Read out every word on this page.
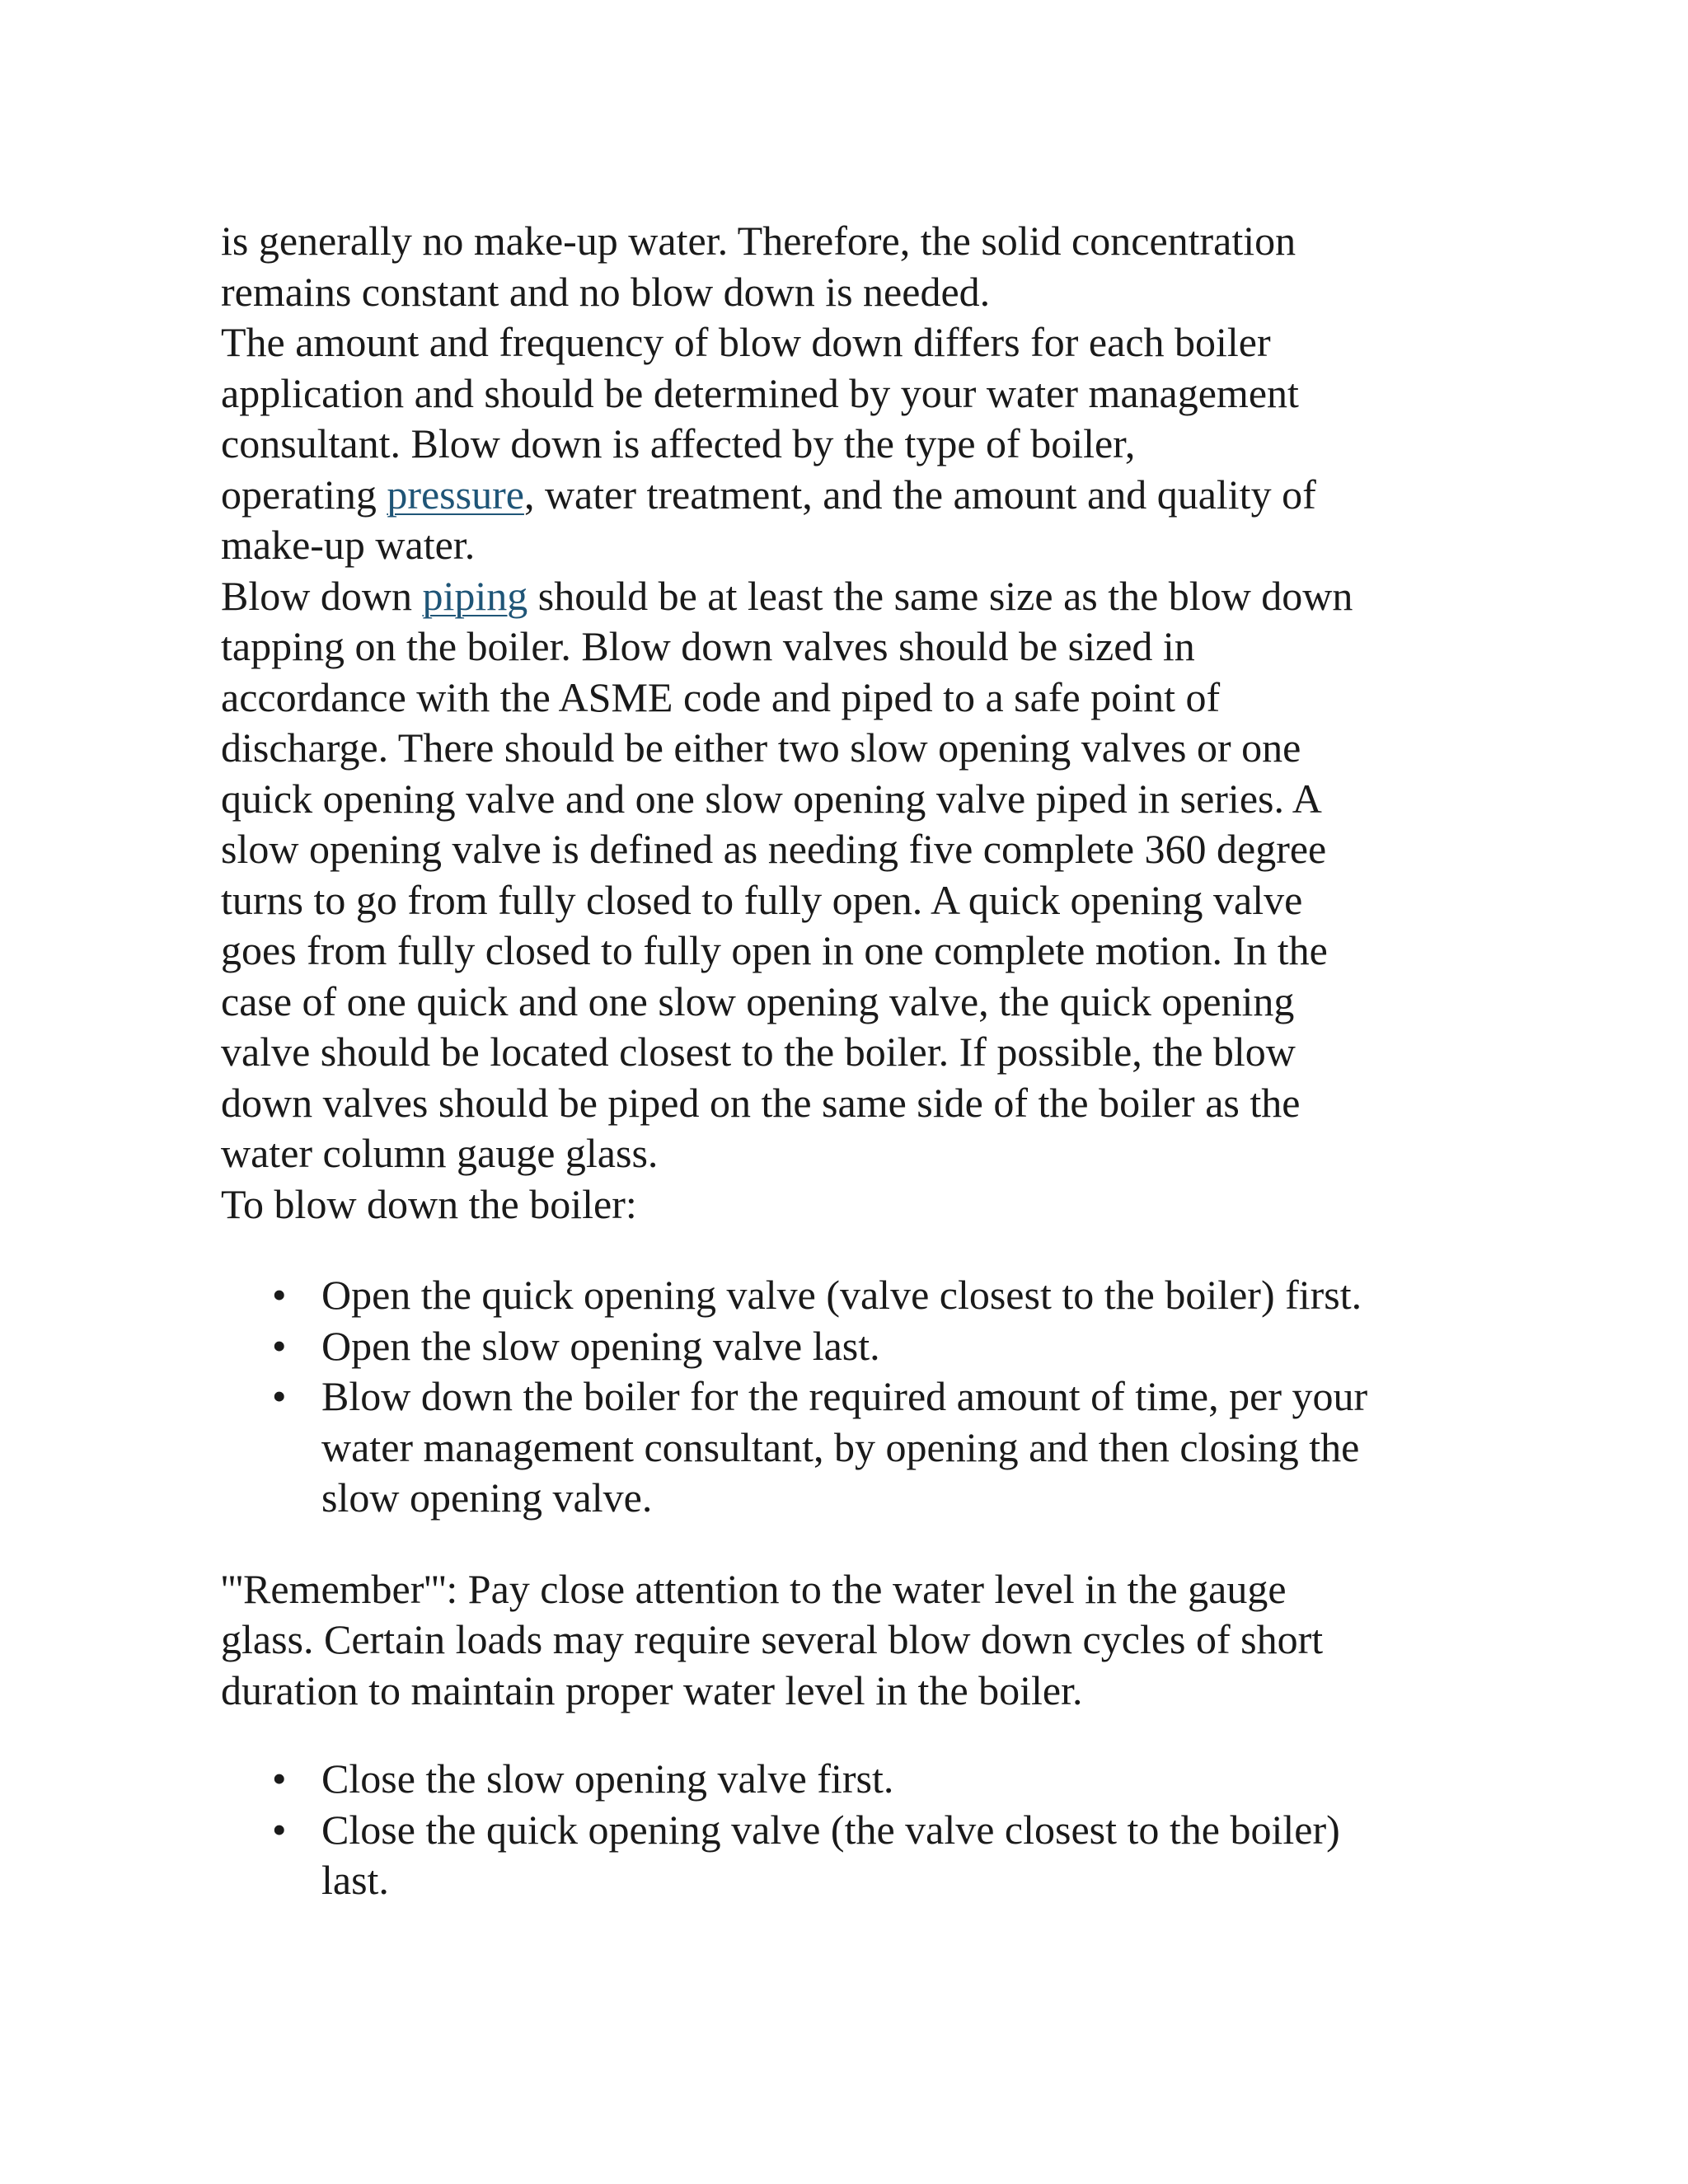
is generally no make-up water. Therefore, the solid concentration
remains constant and no blow down is needed.
The amount and frequency of blow down differs for each boiler
application and should be determined by your water management
consultant. Blow down is affected by the type of boiler,
operating pressure, water treatment, and the amount and quality of
make-up water.
Blow down piping should be at least the same size as the blow down
tapping on the boiler. Blow down valves should be sized in
accordance with the ASME code and piped to a safe point of
discharge. There should be either two slow opening valves or one
quick opening valve and one slow opening valve piped in series. A
slow opening valve is defined as needing five complete 360 degree
turns to go from fully closed to fully open. A quick opening valve
goes from fully closed to fully open in one complete motion. In the
case of one quick and one slow opening valve, the quick opening
valve should be located closest to the boiler. If possible, the blow
down valves should be piped on the same side of the boiler as the
water column gauge glass.
To blow down the boiler:
• Open the quick opening valve (valve closest to the boiler) first.
• Open the slow opening valve last.
• Blow down the boiler for the required amount of time, per your
water management consultant, by opening and then closing the
slow opening valve.
'''Remember''': Pay close attention to the water level in the gauge
glass. Certain loads may require several blow down cycles of short
duration to maintain proper water level in the boiler.
• Close the slow opening valve first.
• Close the quick opening valve (the valve closest to the boiler)
last.
